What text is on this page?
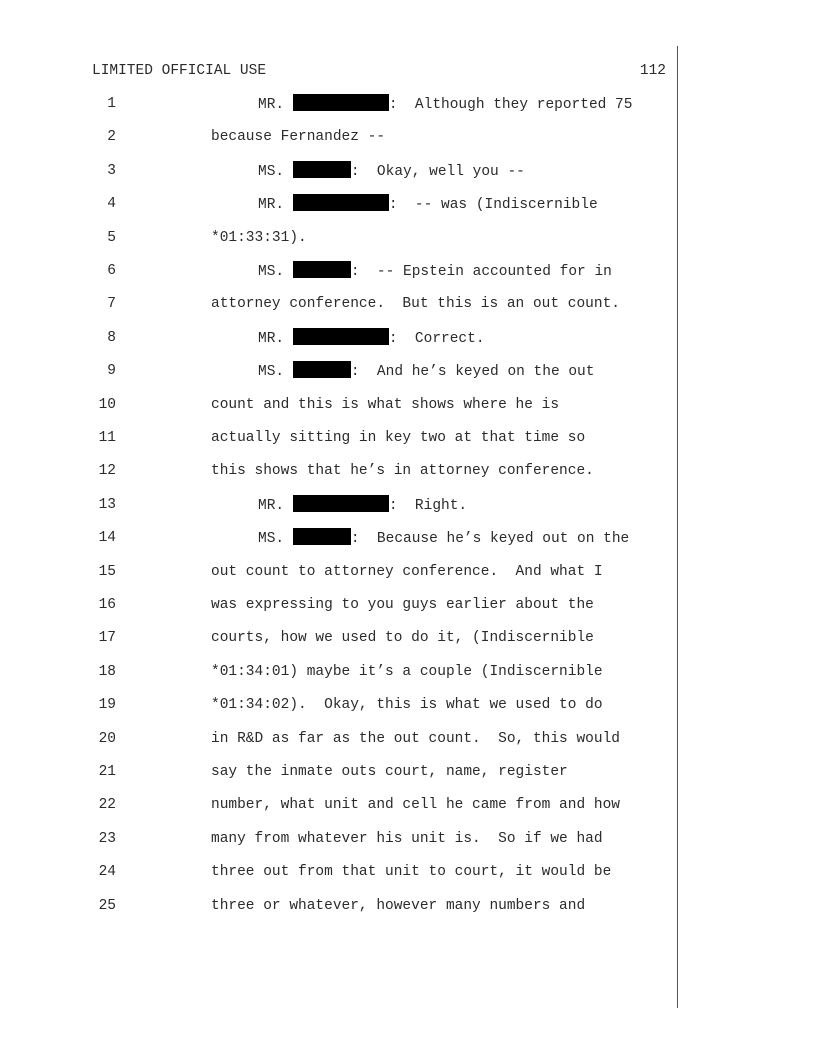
LIMITED OFFICIAL USE	112
1	MR.	:  Although they reported 75
2	because Fernandez --
3	MS.	:  Okay, well you --
4	MR.	:  -- was (Indiscernible
5	*01:33:31).
6	MS.	:  -- Epstein accounted for in
7	attorney conference.  But this is an out count.
8	MR.	:  Correct.
9	MS.	:  And he’s keyed on the out
10	count and this is what shows where he is
11	actually sitting in key two at that time so
12	this shows that he’s in attorney conference.
13	MR.	:  Right.
14	MS.	:  Because he’s keyed out on the
15	out count to attorney conference.  And what I
16	was expressing to you guys earlier about the
17	courts, how we used to do it, (Indiscernible
18	*01:34:01) maybe it’s a couple (Indiscernible
19	*01:34:02).  Okay, this is what we used to do
20	in R&D as far as the out count.  So, this would
21	say the inmate outs court, name, register
22	number, what unit and cell he came from and how
23	many from whatever his unit is.  So if we had
24	three out from that unit to court, it would be
25	three or whatever, however many numbers and
